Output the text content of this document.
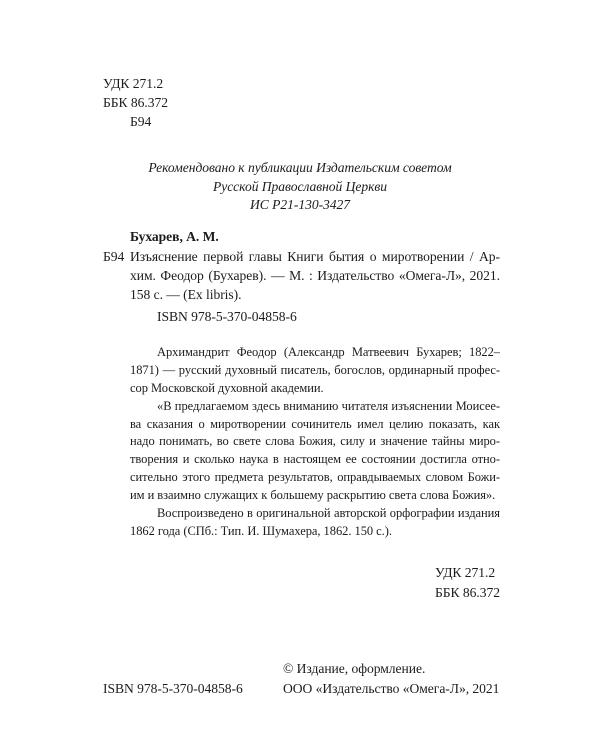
УДК 271.2
ББК 86.372
Б94
Рекомендовано к публикации Издательским советом
Русской Православной Церкви
ИС Р21-130-3427
Бухарев, А. М.
Б94 Изъяснение первой главы Книги бытия о миротворении / Ар-
хим. Феодор (Бухарев). — М. : Издательство «Омега-Л», 2021.
158 с. — (Ex libris).
ISBN 978-5-370-04858-6
Архимандрит Феодор (Александр Матвеевич Бухарев; 1822–
1871) — русский духовный писатель, богослов, ординарный профес-
сор Московской духовной академии.
«В предлагаемом здесь вниманию читателя изъяснении Моисее-
ва сказания о миротворении сочинитель имел целию показать, как
надо понимать, во свете слова Божия, силу и значение тайны миро-
творения и сколько наука в настоящем ее состоянии достигла отно-
сительно этого предмета результатов, оправдываемых словом Божи-
им и взаимно служащих к большему раскрытию света слова Божия».
Воспроизведено в оригинальной авторской орфографии издания
1862 года (СПб.: Тип. И. Шумахера, 1862. 150 с.).
УДК 271.2
ББК 86.372
© Издание, оформление.
ISBN 978-5-370-04858-6	ООО «Издательство «Омега-Л», 2021
